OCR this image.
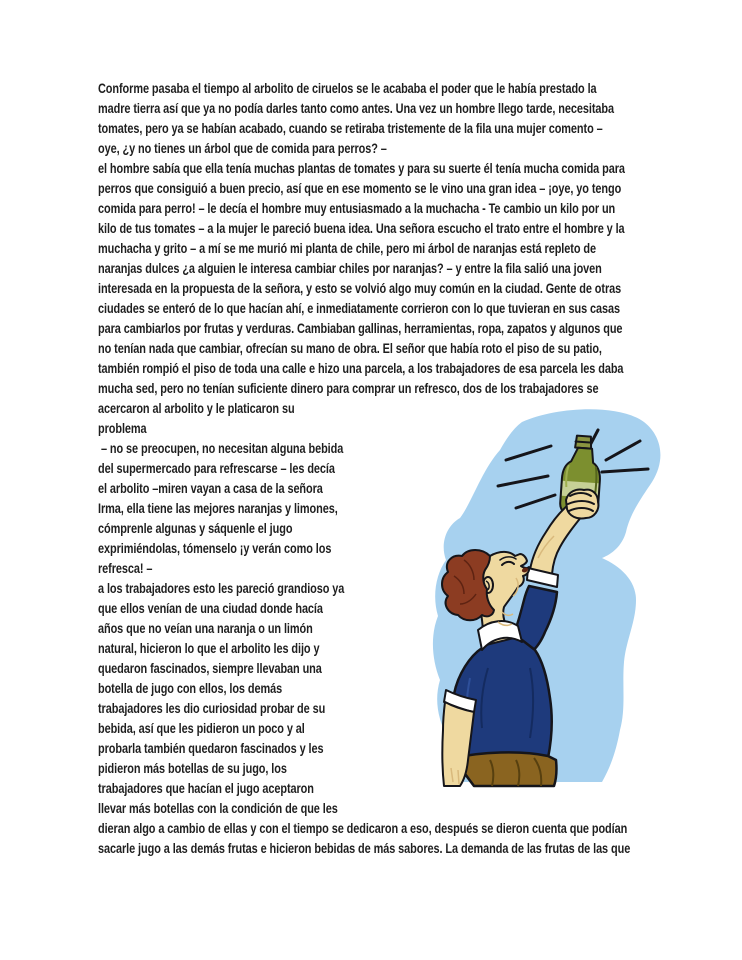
Conforme pasaba el tiempo al arbolito de ciruelos se le acababa el poder que le había prestado la
madre tierra así que ya no podía darles tanto como antes. Una vez un hombre llego tarde, necesitaba
tomates, pero ya se habían acabado, cuando se retiraba tristemente de la fila una mujer comento –
oye, ¿y no tienes un árbol que de comida para perros? –
el hombre sabía que ella tenía muchas plantas de tomates y para su suerte él tenía mucha comida para
perros que consiguió a buen precio, así que en ese momento se le vino una gran idea – ¡oye, yo tengo
comida para perro! – le decía el hombre muy entusiasmado a la muchacha - Te cambio un kilo por un
kilo de tus tomates – a la mujer le pareció buena idea. Una señora escucho el trato entre el hombre y la
muchacha y grito – a mí se me murió mi planta de chile, pero mi árbol de naranjas está repleto de
naranjas dulces ¿a alguien le interesa cambiar chiles por naranjas? – y entre la fila salió una joven
interesada en la propuesta de la señora, y esto se volvió algo muy común en la ciudad. Gente de otras
ciudades se enteró de lo que hacían ahí, e inmediatamente corrieron con lo que tuvieran en sus casas
para cambiarlos por frutas y verduras. Cambiaban gallinas, herramientas, ropa, zapatos y algunos que
no tenían nada que cambiar, ofrecían su mano de obra. El señor que había roto el piso de su patio,
también rompió el piso de toda una calle e hizo una parcela, a los trabajadores de esa parcela les daba
mucha sed, pero no tenían suficiente dinero para comprar un refresco, dos de los trabajadores se
acercaron al arbolito y le platicaron su
problema
– no se preocupen, no necesitan alguna bebida
del supermercado para refrescarse – les decía
el arbolito –miren vayan a casa de la señora
Irma, ella tiene las mejores naranjas y limones,
cómprenle algunas y sáquenle el jugo
exprimiéndolas, tómenselo ¡y verán como los
refresca! –
a los trabajadores esto les pareció grandioso ya
que ellos venían de una ciudad donde hacía
años que no veían una naranja o un limón
natural, hicieron lo que el arbolito les dijo y
quedaron fascinados, siempre llevaban una
botella de jugo con ellos, los demás
trabajadores les dio curiosidad probar de su
bebida, así que les pidieron un poco y al
probarla también quedaron fascinados y les
pidieron más botellas de su jugo, los
trabajadores que hacían el jugo aceptaron
llevar más botellas con la condición de que les
dieran algo a cambio de ellas y con el tiempo se dedicaron a eso, después se dieron cuenta que podían
sacarle jugo a las demás frutas e hicieron bebidas de más sabores. La demanda de las frutas de las que
